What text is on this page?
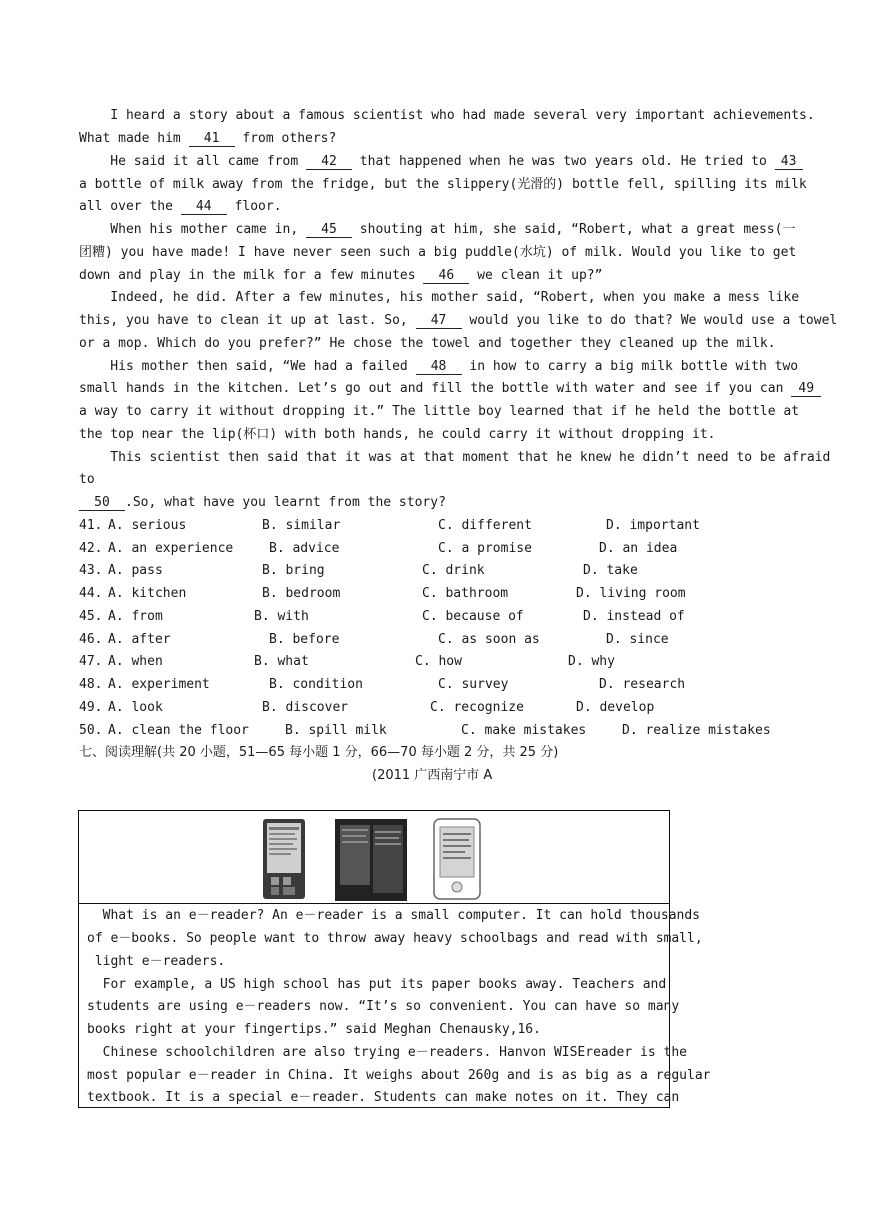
I heard a story about a famous scientist who had made several very important achievements.
What made him 41 from others?
He said it all came from 42 that happened when he was two years old. He tried to 43
a bottle of milk away from the fridge, but the slippery(光滑的) bottle fell, spilling its milk
all over the 44 floor.
When his mother came in, 45 shouting at him, she said, “Robert, what a great mess(一
团糟) you have made! I have never seen such a big puddle(水坑) of milk. Would you like to get
down and play in the milk for a few minutes 46 we clean it up?”
Indeed, he did. After a few minutes, his mother said, “Robert, when you make a mess like
this, you have to clean it up at last. So, 47 would you like to do that? We would use a towel
or a mop. Which do you prefer?” He chose the towel and together they cleaned up the milk.
His mother then said, “We had a failed 48 in how to carry a big milk bottle with two
small hands in the kitchen. Let’s go out and fill the bottle with water and see if you can 49
a way to carry it without dropping it.” The little boy learned that if he held the bottle at
the top near the lip(杯口) with both hands, he could carry it without dropping it.
This scientist then said that it was at that moment that he knew he didn’t need to be afraid
to
50 .So, what have you learnt from the story?
41. A. serious	B. similar	C. different	D. important
42. A. an experience	B. advice	C. a promise	D. an idea
43. A. pass	B. bring	C. drink	D. take
44. A. kitchen	B. bedroom	C. bathroom	D. living room
45. A. from	B. with	C. because of	D. instead of
46. A. after	B. before	C. as soon as	D. since
47. A. when	B. what	C. how	D. why
48. A. experiment	B. condition	C. survey	D. research
49. A. look	B. discover	C. recognize	D. develop
50. A. clean the floor	B. spill milk	C. make mistakes	D. realize mistakes
七、阅读理解(共 20 小题，51—65 每小题 1 分，66—70 每小题 2 分，共 25 分)
(2011 广西南宁市 A
What is an e－reader? An e－reader is a small computer. It can hold thousands
of e－books. So people want to throw away heavy schoolbags and read with small,
light e－readers.
For example, a US high school has put its paper books away. Teachers and
students are using e－readers now. “It’s so convenient. You can have so many
books right at your fingertips.” said Meghan Chenausky,16.
Chinese schoolchildren are also trying e－readers. Hanvon WISEreader is the
most popular e－reader in China. It weighs about 260g and is as big as a regular
textbook. It is a special e－reader. Students can make notes on it. They can
